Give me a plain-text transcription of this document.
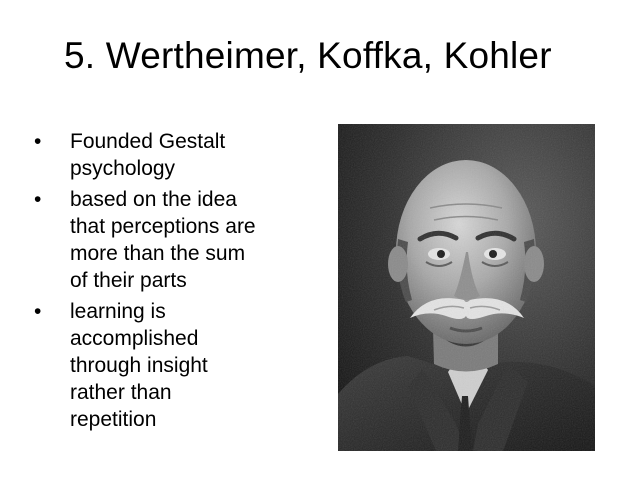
5. Wertheimer, Koffka, Kohler
•	Founded Gestalt
psychology
•	based on the idea
that perceptions are
more than the sum
of their parts
•	learning is
accomplished
through insight
rather than
repetition
